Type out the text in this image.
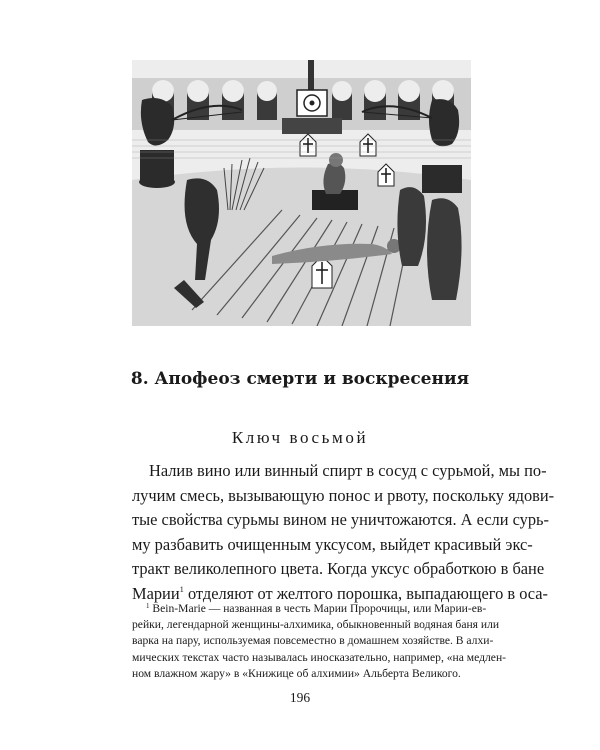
8. Апофеоз смерти и воскресения
Ключ восьмой
Налив вино или винный спирт в сосуд с сурьмой, мы по-
лучим смесь, вызывающую понос и рвоту, поскольку ядови-
тые свойства сурьмы вином не уничтожаются. А если сурь-
му разбавить очищенным уксусом, выйдет красивый экс-
тракт великолепного цвета. Когда уксус обработкою в бане
Марии$^1$ отделяют от желтого порошка, выпадающего в оса-
$^1$ Bein-Marie — названная в честь Марии Пророчицы, или Марии-ев-
рейки, легендарной женщины-алхимика, обыкновенный водяная баня или
варка на пару, используемая повсеместно в домашнем хозяйстве. В алхи-
мических текстах часто называлась иносказательно, например, «на медлен-
ном влажном жару» в «Книжице об алхимии» Альберта Великого.
196
